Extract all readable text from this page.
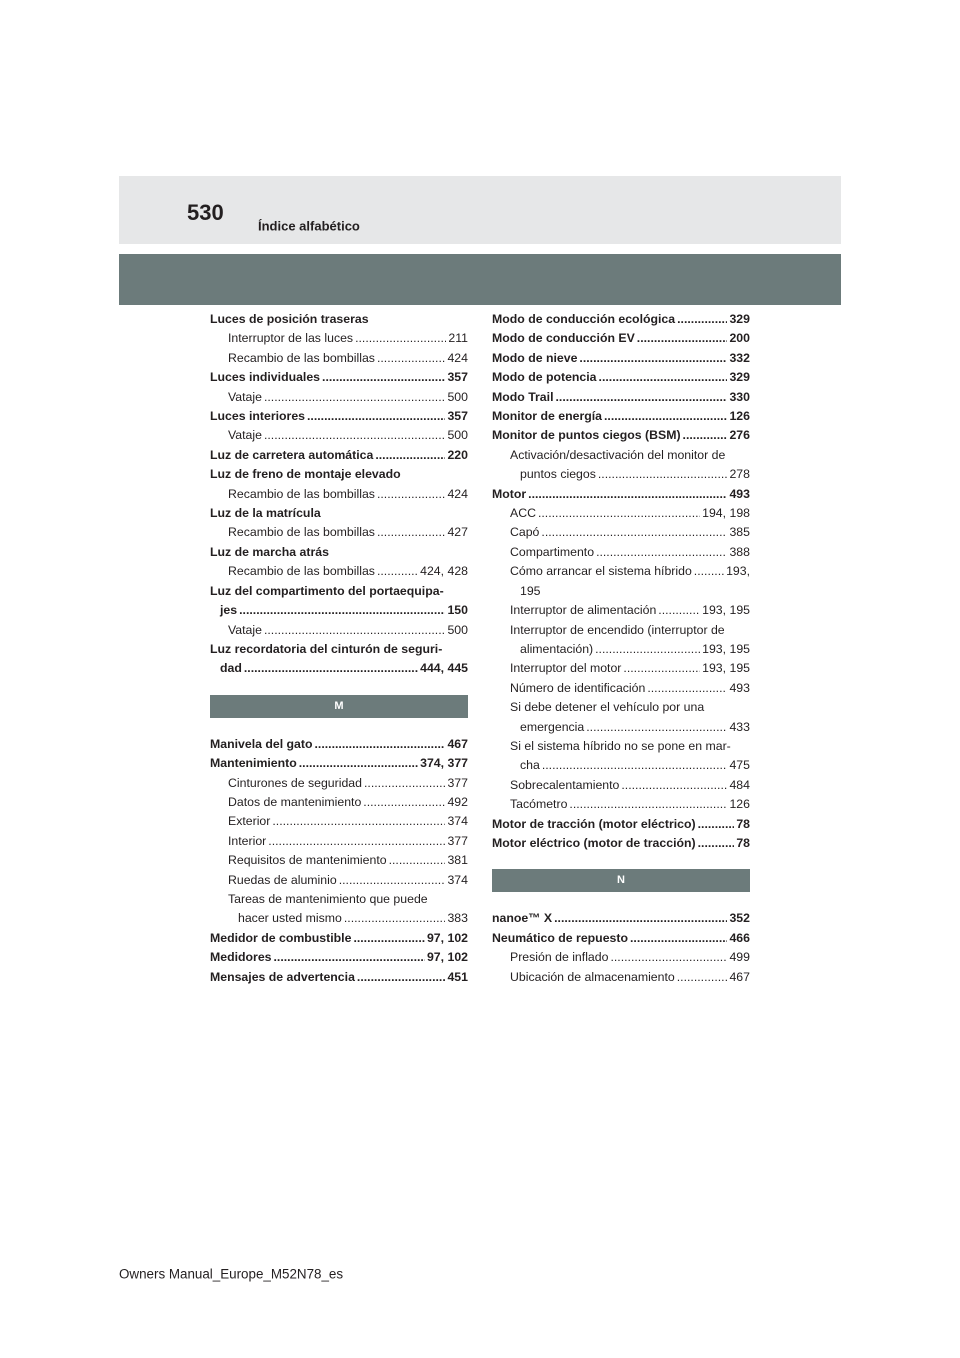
530
Índice alfabético
Luces de posición traseras
Interruptor de las luces .....	211
Recambio de las bombillas .....	424
Luces individuales .....	357
Vataje .....	500
Luces interiores .....	357
Vataje .....	500
Luz de carretera automática .....	220
Luz de freno de montaje elevado
Recambio de las bombillas .....	424
Luz de la matrícula
Recambio de las bombillas .....	427
Luz de marcha atrás
Recambio de las bombillas .....	424, 428
Luz del compartimento del portaequipa-
jes .....	150
Vataje .....	500
Luz recordatoria del cinturón de seguri-
dad .....	444, 445
M
Manivela del gato .....	467
Mantenimiento .....	374, 377
Cinturones de seguridad .....	377
Datos de mantenimiento .....	492
Exterior .....	374
Interior .....	377
Requisitos de mantenimiento .....	381
Ruedas de aluminio .....	374
Tareas de mantenimiento que puede
hacer usted mismo .....	383
Medidor de combustible .....	97, 102
Medidores .....	97, 102
Mensajes de advertencia .....	451
Modo de conducción ecológica .....	329
Modo de conducción EV .....	200
Modo de nieve .....	332
Modo de potencia .....	329
Modo Trail .....	330
Monitor de energía .....	126
Monitor de puntos ciegos (BSM) .....	276
Activación/desactivación del monitor de
puntos ciegos .....	278
Motor .....	493
ACC .....	194, 198
Capó .....	385
Compartimento .....	388
Cómo arrancar el sistema híbrido .....	193,
195
Interruptor de alimentación .....	193, 195
Interruptor de encendido (interruptor de
alimentación) .....	193, 195
Interruptor del motor .....	193, 195
Número de identificación .....	493
Si debe detener el vehículo por una
emergencia .....	433
Si el sistema híbrido no se pone en mar-
cha .....	475
Sobrecalentamiento .....	484
Tacómetro .....	126
Motor de tracción (motor eléctrico) .....	78
Motor eléctrico (motor de tracción) .....	78
N
nanoe™ X .....	352
Neumático de repuesto .....	466
Presión de inflado .....	499
Ubicación de almacenamiento .....	467
Owners Manual_Europe_M52N78_es
